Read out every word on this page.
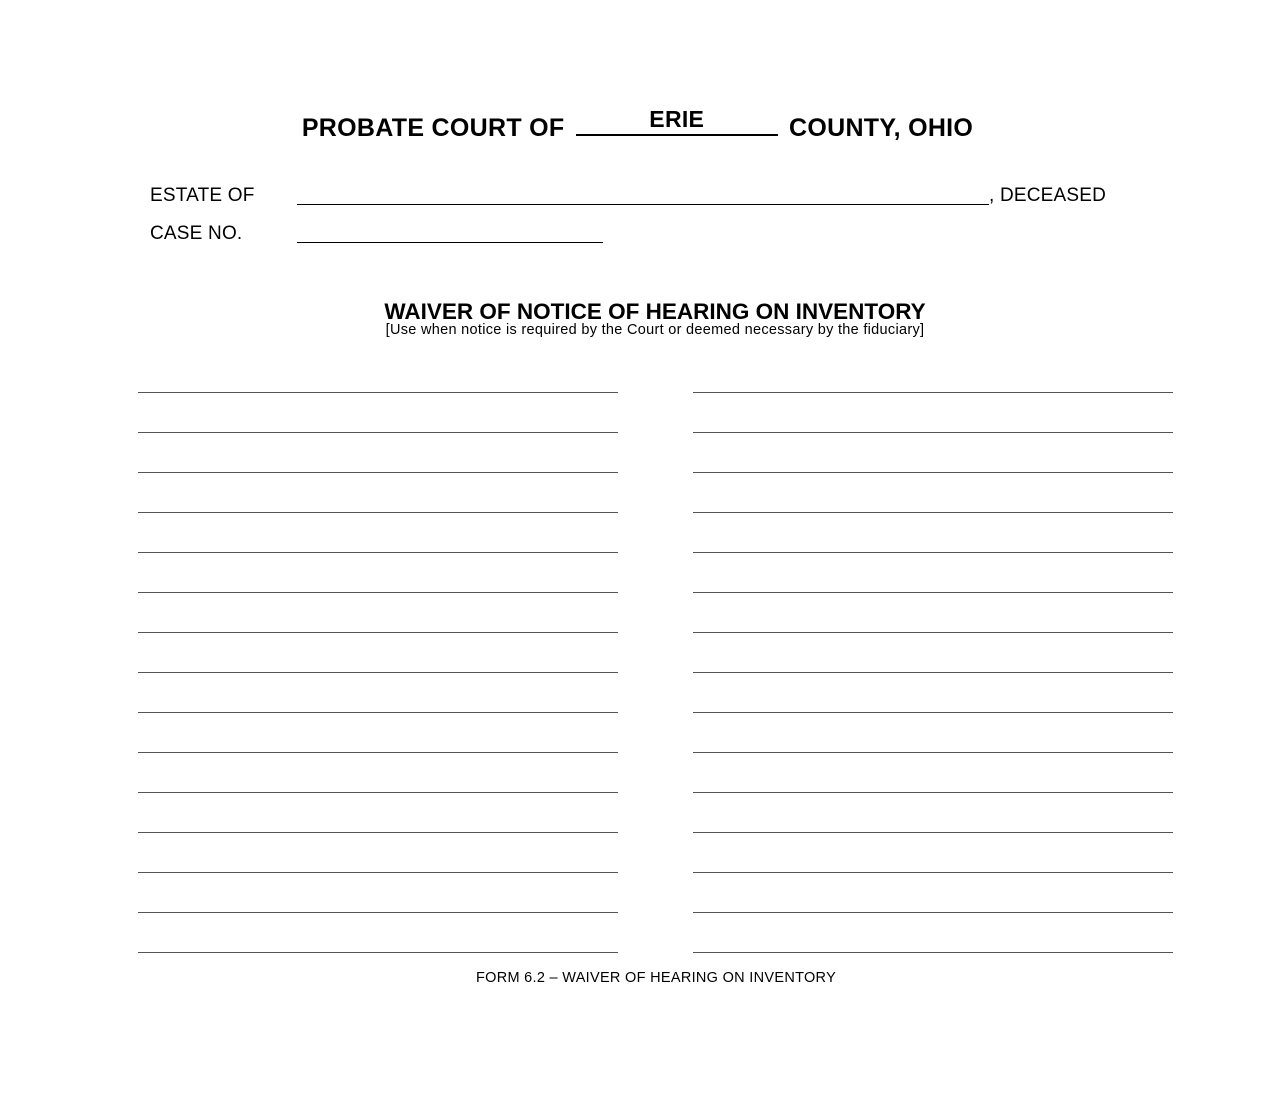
PROBATE COURT OF	ERIE	COUNTY, OHIO
ESTATE OF	, DECEASED
CASE NO.
WAIVER OF NOTICE OF HEARING ON INVENTORY
[Use when notice is required by the Court or deemed necessary by the fiduciary]
FORM 6.2 – WAIVER OF HEARING ON INVENTORY
